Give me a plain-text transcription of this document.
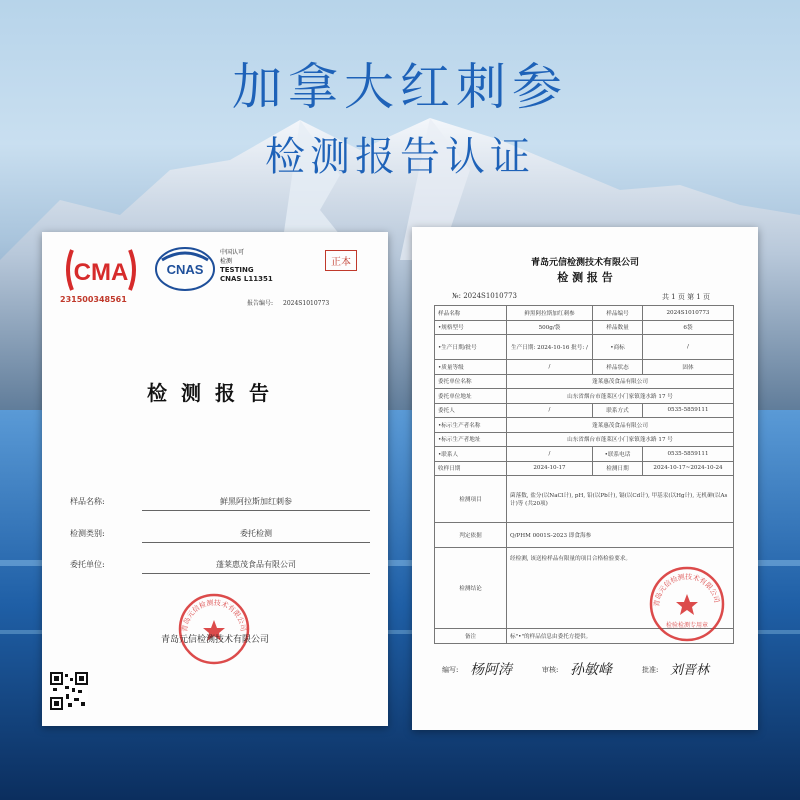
加拿大红刺参
检测报告认证
CMA
231500348561
CNAS
中国认可
检测
TESTING
CNAS L11351
正本
报告编号: 2024S1010773
检测报告
样品名称:	鲜黑阿拉斯加红刺参
检测类别:	委托检测
委托单位:	蓬莱惠茂食品有限公司
青岛元信检测技术有限公司
青岛元信检测技术有限公司
青岛元信检测技术有限公司
检 测 报 告
№: 2024S1010773	共 1 页 第 1 页
样品名称	鲜黑阿拉斯加红刺参	样品编号	2024S1010773
•规格型号	500g/袋	样品数量	6袋
•生产日期/批号	生产日期: 2024-10-16 批号: /	•商标	/
•质量等级	/	样品状态	固体
委托单位名称	蓬莱惠茂食品有限公司		
委托单位地址	山东省烟台市蓬莱区小门家镇蓬水路 17 号		
委托人	/	联系方式	0535-5859111
•标示生产者名称	蓬莱惠茂食品有限公司		
•标示生产者地址	山东省烟台市蓬莱区小门家镇蓬水路 17 号		
•联系人	/	•联系电话	0535-5859111
收样日期	2024-10-17	检测日期	2024-10-17~2024-10-24
检测项目	菌落数, 盐分(以NaCl计), pH, 铅(以Pb计), 镉(以Cd计), 甲基汞(以Hg计), 无机砷(以As计)等 (共20项)		
判定依据	Q/PHM 0001S-2023 即食海参		
检测结论	经检测, 该送检样品有限量的项目合格检验要求。		
备注	标"•"的样品信息由委托方提供。		
青岛元信检测技术有限公司
检验检测专用章
编写: 杨阿涛	审核: 孙敏峰	批准: 刘晋林
